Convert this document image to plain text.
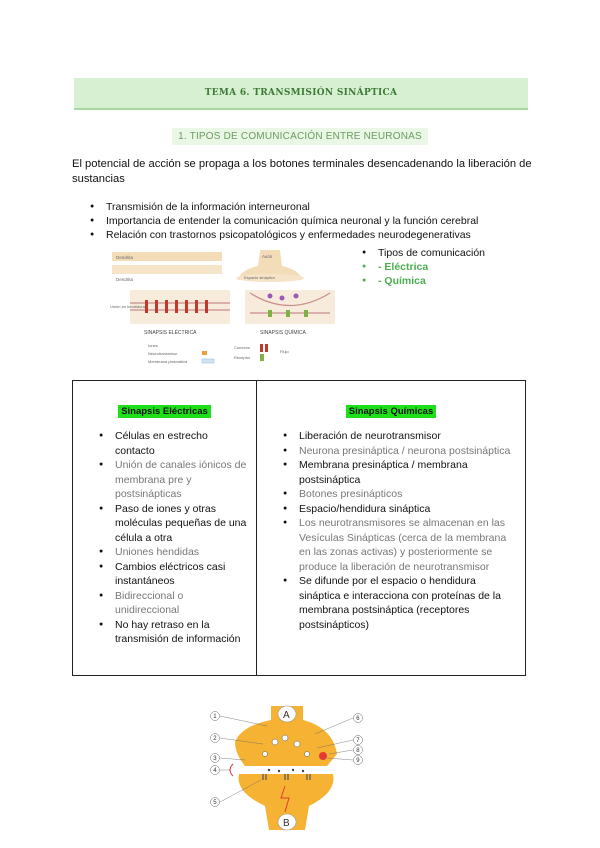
TEMA 6. TRANSMISIÓN SINÁPTICA
1. TIPOS DE COMUNICACIÓN ENTRE NEURONAS
El potencial de acción se propaga a los botones terminales desencadenando la liberación de sustancias
● Transmisión de la información interneuronal
● Importancia de entender la comunicación química neuronal y la función cerebral
● Relación con trastornos psicopatológicos y enfermedades neurodegenerativas
Dendrita
Dendrita
Axón
Espacio sináptico
Unión en hendidura
SINAPSIS ELÉCTRICA	SINAPSIS QUÍMICA
Iones
Neurotransmisor
Membrana plasmática
Conexón
Receptor
Flujo
● Tipos de comunicación
● - Eléctrica
● - Química
Sinapsis Eléctricas
● Células en estrecho contacto
● Unión de canales iónicos de membrana pre y postsinápticas
● Paso de iones y otras moléculas pequeñas de una célula a otra
● Uniones hendidas
● Cambios eléctricos casi instantáneos
● Bidireccional o unidireccional
● No hay retraso en la transmisión de información
Sinapsis Químicas
● Liberación de neurotransmisor
● Neurona presináptica / neurona postsináptica
● Membrana presináptica / membrana postsináptica
● Botones presinápticos
● Espacio/hendidura sináptica
● Los neurotransmisores se almacenan en las Vesículas Sinápticas (cerca de la membrana en las zonas activas) y posteriormente se produce la liberación de neurotransmisor
● Se difunde por el espacio o hendidura sináptica e interacciona con proteínas de la membrana postsináptica (receptores postsinápticos)
A
B
1
2
3
4
5
6
7
8
9
